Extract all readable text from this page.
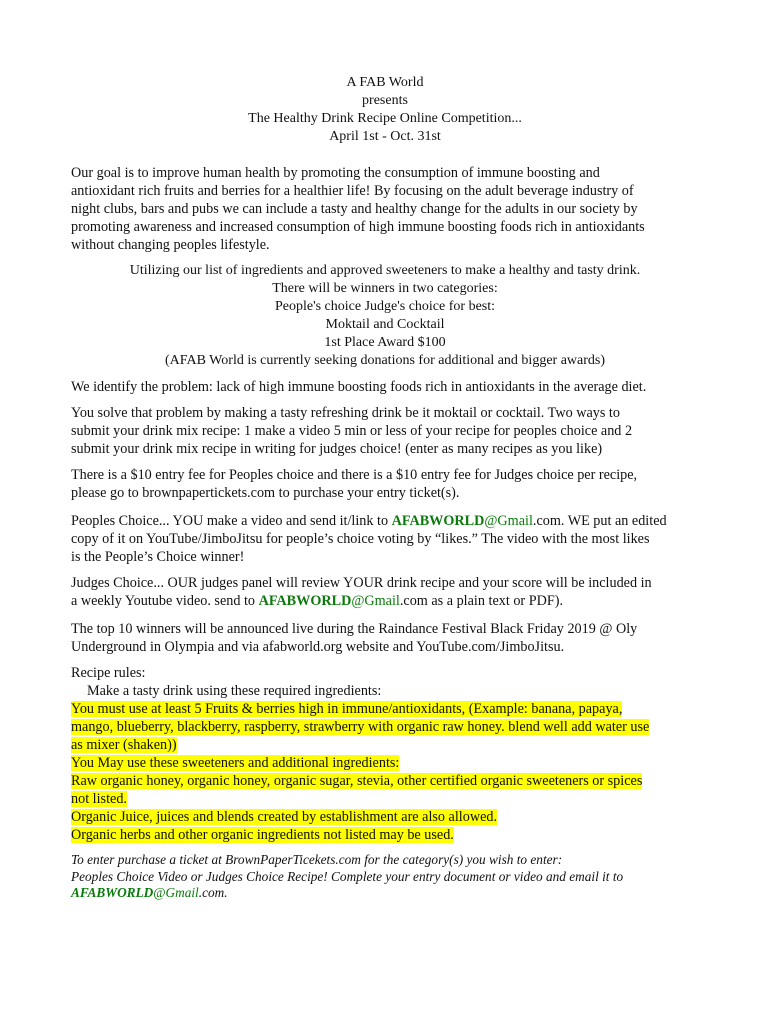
A FAB World

presents

The Healthy Drink Recipe Online Competition...

April 1st - Oct. 31st

Our goal is to improve human health by promoting the consumption of immune boosting and
antioxidant rich fruits and berries for a healthier life! By focusing on the adult beverage industry of
night clubs, bars and pubs we can include a tasty and healthy change for the adults in our society by
promoting awareness and increased consumption of high immune boosting foods rich in antioxidants
without changing peoples lifestyle.

Utilizing our list of ingredients and approved sweeteners to make a healthy and tasty drink.

There will be winners in two categories:

People's choice Judge's choice for best:

Moktail and Cocktail

1st Place Award $100

(AFAB World is currently seeking donations for additional and bigger awards)

We identify the problem: lack of high immune boosting foods rich in antioxidants in the average diet.

You solve that problem by making a tasty refreshing drink be it moktail or cocktail. Two ways to
submit your drink mix recipe: 1 make a video 5 min or less of your recipe for peoples choice and 2
submit your drink mix recipe in writing for judges choice! (enter as many recipes as you like)

There is a $10 entry fee for Peoples choice and there is a $10 entry fee for Judges choice per recipe,
please go to brownpapertickets.com to purchase your entry ticket(s).

Peoples Choice... YOU make a video and send it/link to AFABWORLD@Gmail.com. WE put an edited
copy of it on YouTube/JimboJitsu for people’s choice voting by “likes.” The video with the most likes
is the People’s Choice winner!

Judges Choice... OUR judges panel will review YOUR drink recipe and your score will be included in
a weekly Youtube video. send to AFABWORLD@Gmail.com as a plain text or PDF).

The top 10 winners will be announced live during the Raindance Festival Black Friday 2019 @ Oly
Underground in Olympia and via afabworld.org website and YouTube.com/JimboJitsu.

Recipe rules:
Make a tasty drink using these required ingredients:
You must use at least 5 Fruits & berries high in immune/antioxidants, (Example: banana, papaya,
mango, blueberry, blackberry, raspberry, strawberry with organic raw honey. blend well add water use
as mixer (shaken))
You May use these sweeteners and additional ingredients:
Raw organic honey, organic honey, organic sugar, stevia, other certified organic sweeteners or spices
not listed.
Organic Juice, juices and blends created by establishment are also allowed.
Organic herbs and other organic ingredients not listed may be used.

To enter purchase a ticket at BrownPaperTicekets.com for the category(s) you wish to enter:
Peoples Choice Video or Judges Choice Recipe! Complete your entry document or video and email it to
AFABWORLD@Gmail.com.
